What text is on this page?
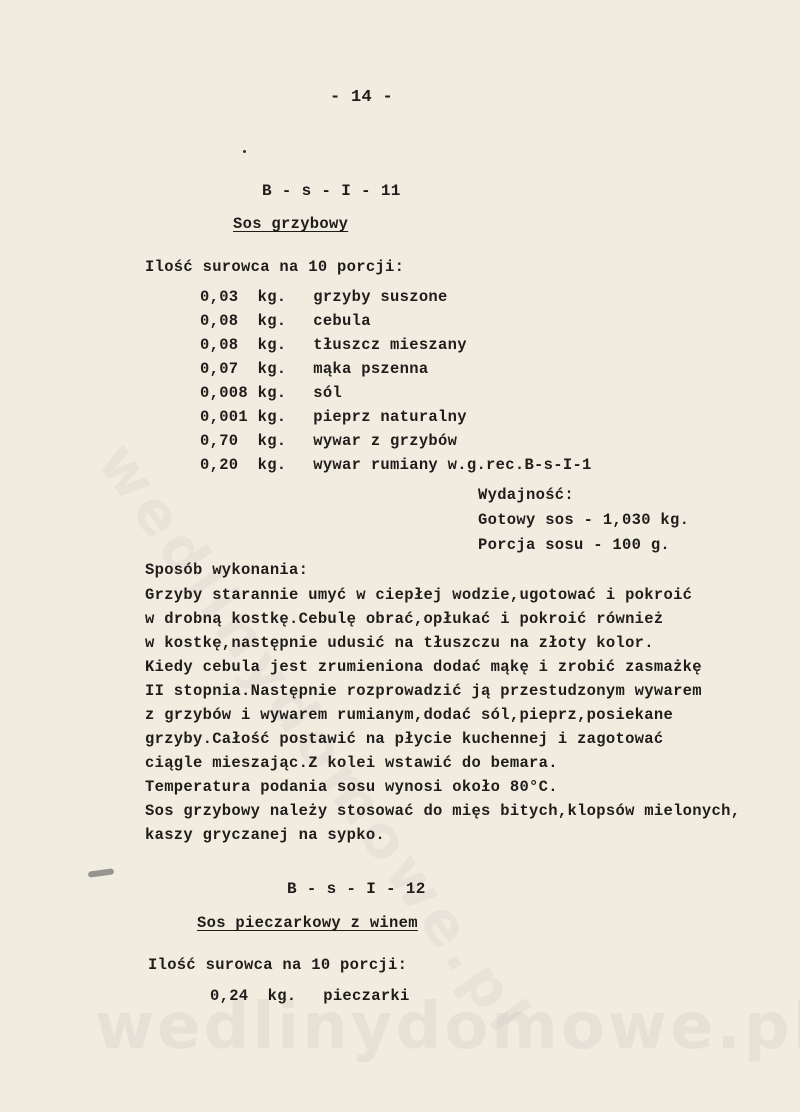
- 14 -
B - s - I - 11
Sos grzybowy
Ilość surowca na 10 porcji:
0,03 kg. grzyby suszone
0,08 kg. cebula
0,08 kg. tłuszcz mieszany
0,07 kg. mąka pszenna
0,008 kg. sól
0,001 kg. pieprz naturalny
0,70 kg. wywar z grzybów
0,20 kg. wywar rumiany w.g.rec.B-s-I-1
Wydajność:
Gotowy sos - 1,030 kg.
Porcja sosu - 100 g.
Sposób wykonania:
Grzyby starannie umyć w ciepłej wodzie,ugotować i pokroić
w drobną kostkę.Cebulę obrać,opłukać i pokroić również
w kostkę,następnie udusić na tłuszczu na złoty kolor.
Kiedy cebula jest zrumieniona dodać mąkę i zrobić zasmażkę
II stopnia.Następnie rozprowadzić ją przestudzonym wywarem
z grzybów i wywarem rumianym,dodać sól,pieprz,posiekane
grzyby.Całość postawić na płycie kuchennej i zagotować
ciągle mieszając.Z kolei wstawić do bemara.
Temperatura podania sosu wynosi około 80°C.
Sos grzybowy należy stosować do mięs bitych,klopsów mielonych,
kaszy gryczanej na sypko.
B - s - I - 12
Sos pieczarkowy z winem
Ilość surowca na 10 porcji:
0,24 kg. pieczarki
